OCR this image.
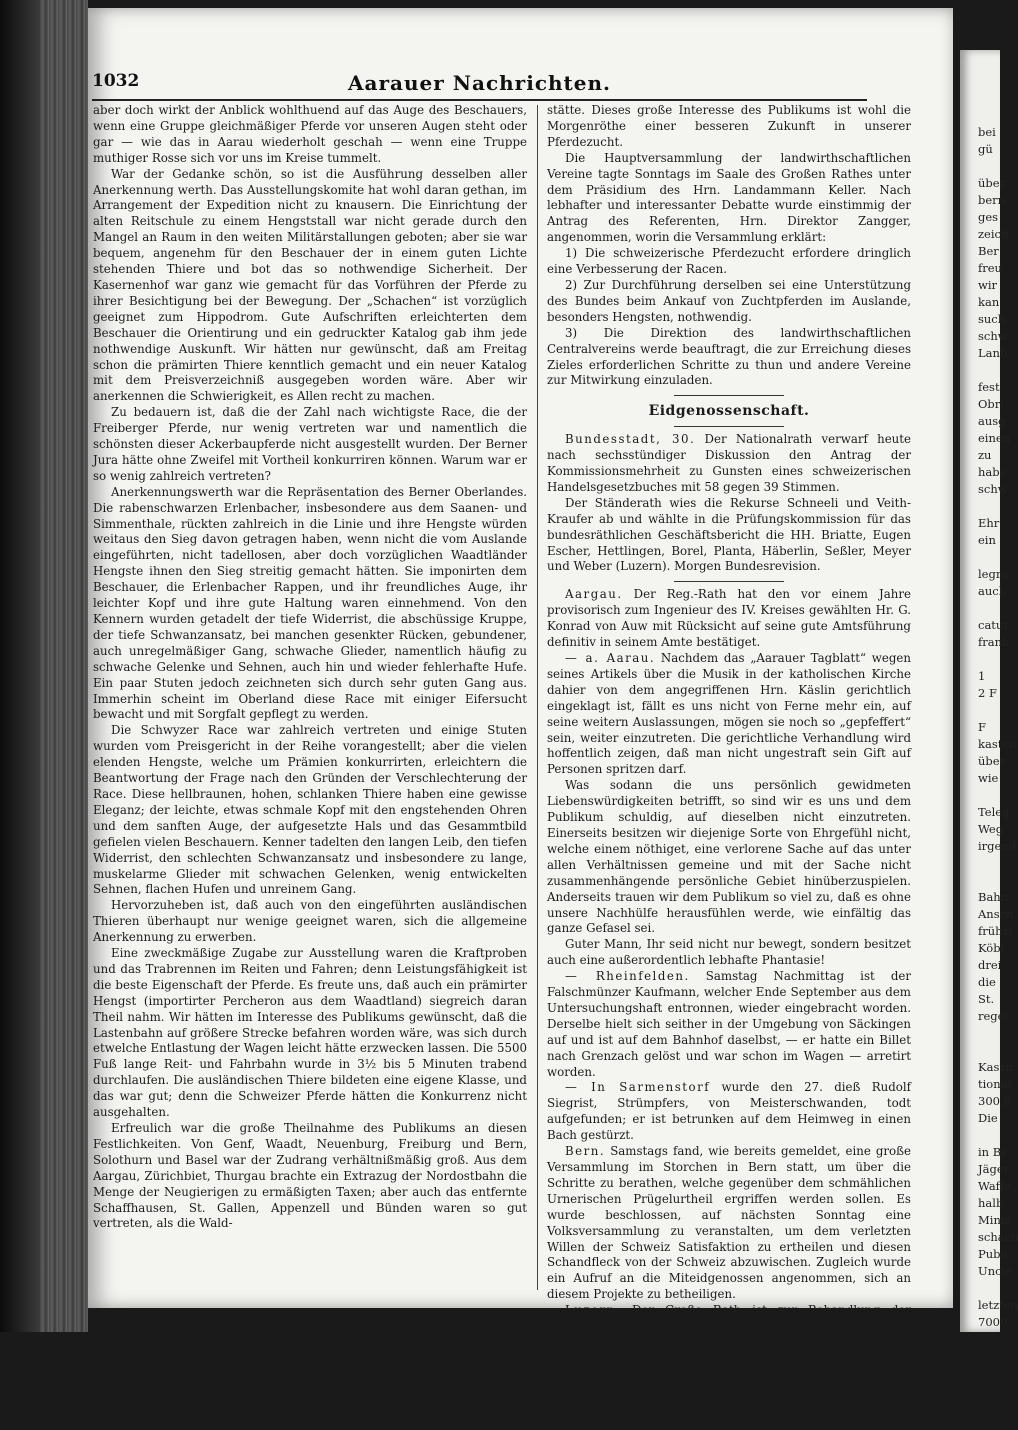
1032	Aarauer Nachrichten.

aber doch wirkt der Anblick wohlthuend auf das Auge des Beschauers, wenn eine Gruppe gleichmäßiger Pferde vor unseren Augen steht oder gar — wie das in Aarau wiederholt geschah — wenn eine Truppe muthiger Rosse sich vor uns im Kreise tummelt.

War der Gedanke schön, so ist die Ausführung desselben aller Anerkennung werth. Das Ausstellungskomite hat wohl daran gethan, im Arrangement der Expedition nicht zu knausern. Die Einrichtung der alten Reitschule zu einem Hengststall war nicht gerade durch den Mangel an Raum in den weiten Militärstallungen geboten; aber sie war bequem, angenehm für den Beschauer der in einem guten Lichte stehenden Thiere und bot das so nothwendige Sicherheit. Der Kasernenhof war ganz wie gemacht für das Vorführen der Pferde zu ihrer Besichtigung bei der Bewegung. Der „Schachen“ ist vorzüglich geeignet zum Hippodrom. Gute Aufschriften erleichterten dem Beschauer die Orientirung und ein gedruckter Katalog gab ihm jede nothwendige Auskunft. Wir hätten nur gewünscht, daß am Freitag schon die prämirten Thiere kenntlich gemacht und ein neuer Katalog mit dem Preisverzeichniß ausgegeben worden wäre. Aber wir anerkennen die Schwierigkeit, es Allen recht zu machen.

Zu bedauern ist, daß die der Zahl nach wichtigste Race, die der Freiberger Pferde, nur wenig vertreten war und namentlich die schönsten dieser Ackerbaupferde nicht ausgestellt wurden. Der Berner Jura hätte ohne Zweifel mit Vortheil konkurriren können. Warum war er so wenig zahlreich vertreten?

Anerkennungswerth war die Repräsentation des Berner Oberlandes. Die rabenschwarzen Erlenbacher, insbesondere aus dem Saanen- und Simmenthale, rückten zahlreich in die Linie und ihre Hengste würden weitaus den Sieg davon getragen haben, wenn nicht die vom Auslande eingeführten, nicht tadellosen, aber doch vorzüglichen Waadtländer Hengste ihnen den Sieg streitig gemacht hätten. Sie imponirten dem Beschauer, die Erlenbacher Rappen, und ihr freundliches Auge, ihr leichter Kopf und ihre gute Haltung waren einnehmend. Von den Kennern wurden getadelt der tiefe Widerrist, die abschüssige Kruppe, der tiefe Schwanzansatz, bei manchen gesenkter Rücken, gebundener, auch unregelmäßiger Gang, schwache Glieder, namentlich häufig zu schwache Gelenke und Sehnen, auch hin und wieder fehlerhafte Hufe. Ein paar Stuten jedoch zeichneten sich durch sehr guten Gang aus. Immerhin scheint im Oberland diese Race mit einiger Eifersucht bewacht und mit Sorgfalt gepflegt zu werden.

Die Schwyzer Race war zahlreich vertreten und einige Stuten wurden vom Preisgericht in der Reihe vorangestellt; aber die vielen elenden Hengste, welche um Prämien konkurrirten, erleichtern die Beantwortung der Frage nach den Gründen der Verschlechterung der Race. Diese hellbraunen, hohen, schlanken Thiere haben eine gewisse Eleganz; der leichte, etwas schmale Kopf mit den engstehenden Ohren und dem sanften Auge, der aufgesetzte Hals und das Gesammtbild gefielen vielen Beschauern. Kenner tadelten den langen Leib, den tiefen Widerrist, den schlechten Schwanzansatz und insbesondere zu lange, muskelarme Glieder mit schwachen Gelenken, wenig entwickelten Sehnen, flachen Hufen und unreinem Gang.

Hervorzuheben ist, daß auch von den eingeführten ausländischen Thieren überhaupt nur wenige geeignet waren, sich die allgemeine Anerkennung zu erwerben.

Eine zweckmäßige Zugabe zur Ausstellung waren die Kraftproben und das Trabrennen im Reiten und Fahren; denn Leistungsfähigkeit ist die beste Eigenschaft der Pferde. Es freute uns, daß auch ein prämirter Hengst (importirter Percheron aus dem Waadtland) siegreich daran Theil nahm. Wir hätten im Interesse des Publikums gewünscht, daß die Lastenbahn auf größere Strecke befahren worden wäre, was sich durch etwelche Entlastung der Wagen leicht hätte erzwecken lassen. Die 5500 Fuß lange Reit- und Fahrbahn wurde in 3½ bis 5 Minuten trabend durchlaufen. Die ausländischen Thiere bildeten eine eigene Klasse, und das war gut; denn die Schweizer Pferde hätten die Konkurrenz nicht ausgehalten.

Erfreulich war die große Theilnahme des Publikums an diesen Festlichkeiten. Von Genf, Waadt, Neuenburg, Freiburg und Bern, Solothurn und Basel war der Zudrang verhältnißmäßig groß. Aus dem Aargau, Zürichbiet, Thurgau brachte ein Extrazug der Nordostbahn die Menge der Neugierigen zu ermäßigten Taxen; aber auch das entfernte Schaffhausen, St. Gallen, Appenzell und Bünden waren so gut vertreten, als die Wald-

stätte. Dieses große Interesse des Publikums ist wohl die Morgenröthe einer besseren Zukunft in unserer Pferdezucht.

Die Hauptversammlung der landwirthschaftlichen Vereine tagte Sonntags im Saale des Großen Rathes unter dem Präsidium des Hrn. Landammann Keller. Nach lebhafter und interessanter Debatte wurde einstimmig der Antrag des Referenten, Hrn. Direktor Zangger, angenommen, worin die Versammlung erklärt:

1) Die schweizerische Pferdezucht erfordere dringlich eine Verbesserung der Racen.

2) Zur Durchführung derselben sei eine Unterstützung des Bundes beim Ankauf von Zuchtpferden im Auslande, besonders Hengsten, nothwendig.

3) Die Direktion des landwirthschaftlichen Centralvereins werde beauftragt, die zur Erreichung dieses Zieles erforderlichen Schritte zu thun und andere Vereine zur Mitwirkung einzuladen.

Eidgenossenschaft.

Bundesstadt, 30. Der Nationalrath verwarf heute nach sechsstündiger Diskussion den Antrag der Kommissionsmehrheit zu Gunsten eines schweizerischen Handelsgesetzbuches mit 58 gegen 39 Stimmen.

Der Ständerath wies die Rekurse Schneeli und Veith-Kraufer ab und wählte in die Prüfungskommission für das bundesräthlichen Geschäftsbericht die HH. Briatte, Eugen Escher, Hettlingen, Borel, Planta, Häberlin, Seßler, Meyer und Weber (Luzern). Morgen Bundesrevision.

Aargau. Der Reg.-Rath hat den vor einem Jahre provisorisch zum Ingenieur des IV. Kreises gewählten Hr. G. Konrad von Auw mit Rücksicht auf seine gute Amtsführung definitiv in seinem Amte bestätiget.

— a. Aarau. Nachdem das „Aarauer Tagblatt“ wegen seines Artikels über die Musik in der katholischen Kirche dahier von dem angegriffenen Hrn. Käslin gerichtlich eingeklagt ist, fällt es uns nicht von Ferne mehr ein, auf seine weitern Auslassungen, mögen sie noch so „gepfeffert“ sein, weiter einzutreten. Die gerichtliche Verhandlung wird hoffentlich zeigen, daß man nicht ungestraft sein Gift auf Personen spritzen darf.

Was sodann die uns persönlich gewidmeten Liebenswürdigkeiten betrifft, so sind wir es uns und dem Publikum schuldig, auf dieselben nicht einzutreten. Einerseits besitzen wir diejenige Sorte von Ehrgefühl nicht, welche einem nöthiget, eine verlorene Sache auf das unter allen Verhältnissen gemeine und mit der Sache nicht zusammenhängende persönliche Gebiet hinüberzuspielen. Anderseits trauen wir dem Publikum so viel zu, daß es ohne unsere Nachhülfe herausfühlen werde, wie einfältig das ganze Gefasel sei.

Guter Mann, Ihr seid nicht nur bewegt, sondern besitzet auch eine außerordentlich lebhafte Phantasie!

— Rheinfelden. Samstag Nachmittag ist der Falschmünzer Kaufmann, welcher Ende September aus dem Untersuchungshaft entronnen, wieder eingebracht worden. Derselbe hielt sich seither in der Umgebung von Säckingen auf und ist auf dem Bahnhof daselbst, — er hatte ein Billet nach Grenzach gelöst und war schon im Wagen — arretirt worden.

— In Sarmenstorf wurde den 27. dieß Rudolf Siegrist, Strümpfers, von Meisterschwanden, todt aufgefunden; er ist betrunken auf dem Heimweg in einen Bach gestürzt.

Bern. Samstags fand, wie bereits gemeldet, eine große Versammlung im Storchen in Bern statt, um über die Schritte zu berathen, welche gegenüber dem schmählichen Urnerischen Prügelurtheil ergriffen werden sollen. Es wurde beschlossen, auf nächsten Sonntag eine Volksversammlung zu veranstalten, um dem verletzten Willen der Schweiz Satisfaktion zu ertheilen und diesen Schandfleck von der Schweiz abzuwischen. Zugleich wurde ein Aufruf an die Miteidgenossen angenommen, sich an diesem Projekte zu betheiligen.

Luzern. Der Große Rath ist zur Behandlung der Angelegenheit der Gotthardbahn-Unterstützung auf Dienstag den 7. November außerordentlich einberufen.

— Der Größere Stadtrath von Luzern, welcher vor 14 Tagen fast einstimmig sein Gutachten für Unterstützung der Gotthardbahn mit 500,000 Fr. abgegeben, hat nun beschlossen, den Antrag der Siebenzehn für Betheiligung mit 800,000 Fr.

bei

gü

über

bern

ges

zeich

Ber

freu

wir

kan

such

schw

Lanb

fest

Obri

ausg

einen

zu

habe,

schw

Ehr

ein

legra

auch

catur

frank

1

2 F

F

kasten

über

wie

Teleg

Weg

irgend

Bahn

Ansch

frühst

Köbl

drei

die

St.

regel

Kassir

tional

300,0

Die

in Bi

Jäger

Waffe

halb

Minis

schach

Publi

Uncle

letzten

7000
